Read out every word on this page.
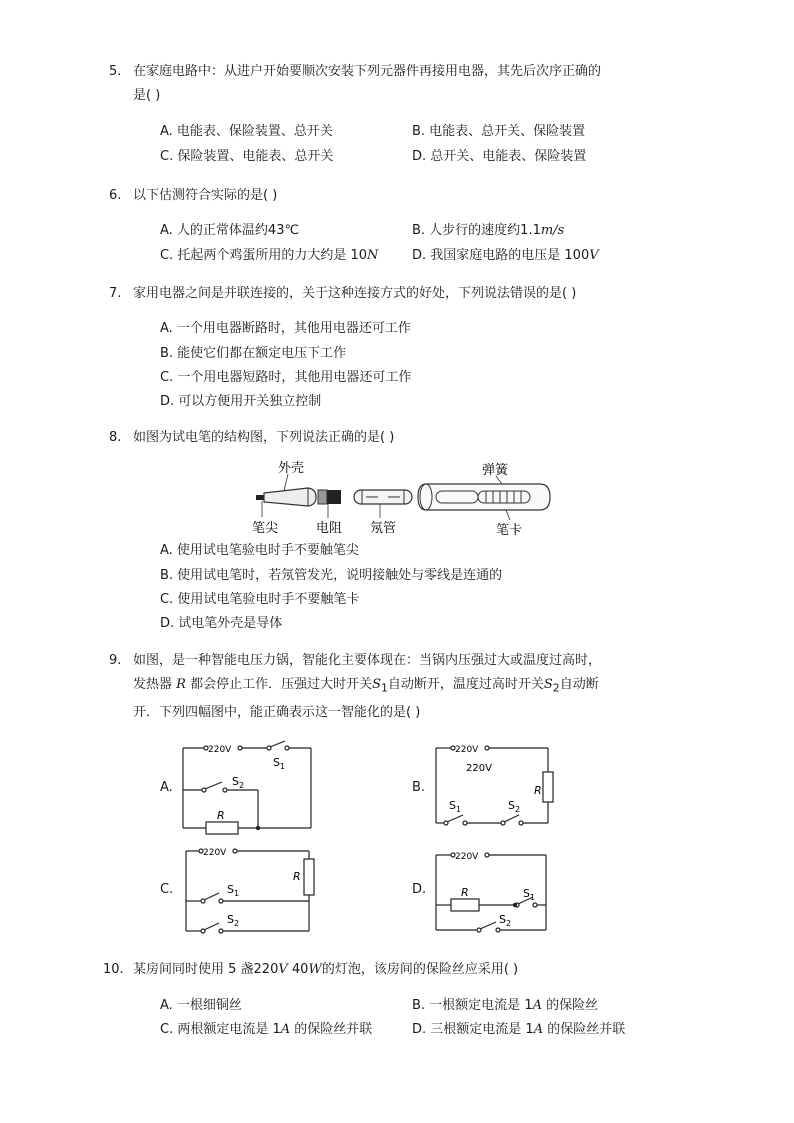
5. 在家庭电路中：从进户开始要顺次安装下列元器件再接用电器，其先后次序正确的
是( )
A. 电能表、保险装置、总开关	B. 电能表、总开关、保险装置
C. 保险装置、电能表、总开关	D. 总开关、电能表、保险装置
6. 以下估测符合实际的是( )
A. 人的正常体温约43℃	B. 人步行的速度约1.1m/s
C. 托起两个鸡蛋所用的力大约是 10N	D. 我国家庭电路的电压是 100V
7. 家用电器之间是并联连接的，关于这种连接方式的好处，下列说法错误的是( )
A. 一个用电器断路时，其他用电器还可工作
B. 能使它们都在额定电压下工作
C. 一个用电器短路时，其他用电器还可工作
D. 可以方便用开关独立控制
8. 如图为试电笔的结构图，下列说法正确的是( )
外壳
笔尖	电阻 氖管
弹簧
笔卡
A. 使用试电笔验电时手不要触笔尖
B. 使用试电笔时，若氖管发光，说明接触处与零线是连通的
C. 使用试电笔验电时手不要触笔卡
D. 试电笔外壳是导体
9. 如图，是一种智能电压力锅，智能化主要体现在：当锅内压强过大或温度过高时，
发热器 R 都会停止工作．压强过大时开关$S_1$自动断开，温度过高时开关$S_2$自动断
开．下列四幅图中，能正确表示这一智能化的是( )
A.
220V
$S_1$
$S_2$
R
B.
220V
220V
R
$S_1$	$S_2$
C.
220V
R
$S_1$
$S_2$
D.
220V
R	$S_1$
$S_2$
10. 某房间同时使用 5 盏220V 40W的灯泡，该房间的保险丝应采用( )
A. 一根细铜丝	B. 一根额定电流是 1A 的保险丝
C. 两根额定电流是 1A 的保险丝并联	D. 三根额定电流是 1A 的保险丝并联
